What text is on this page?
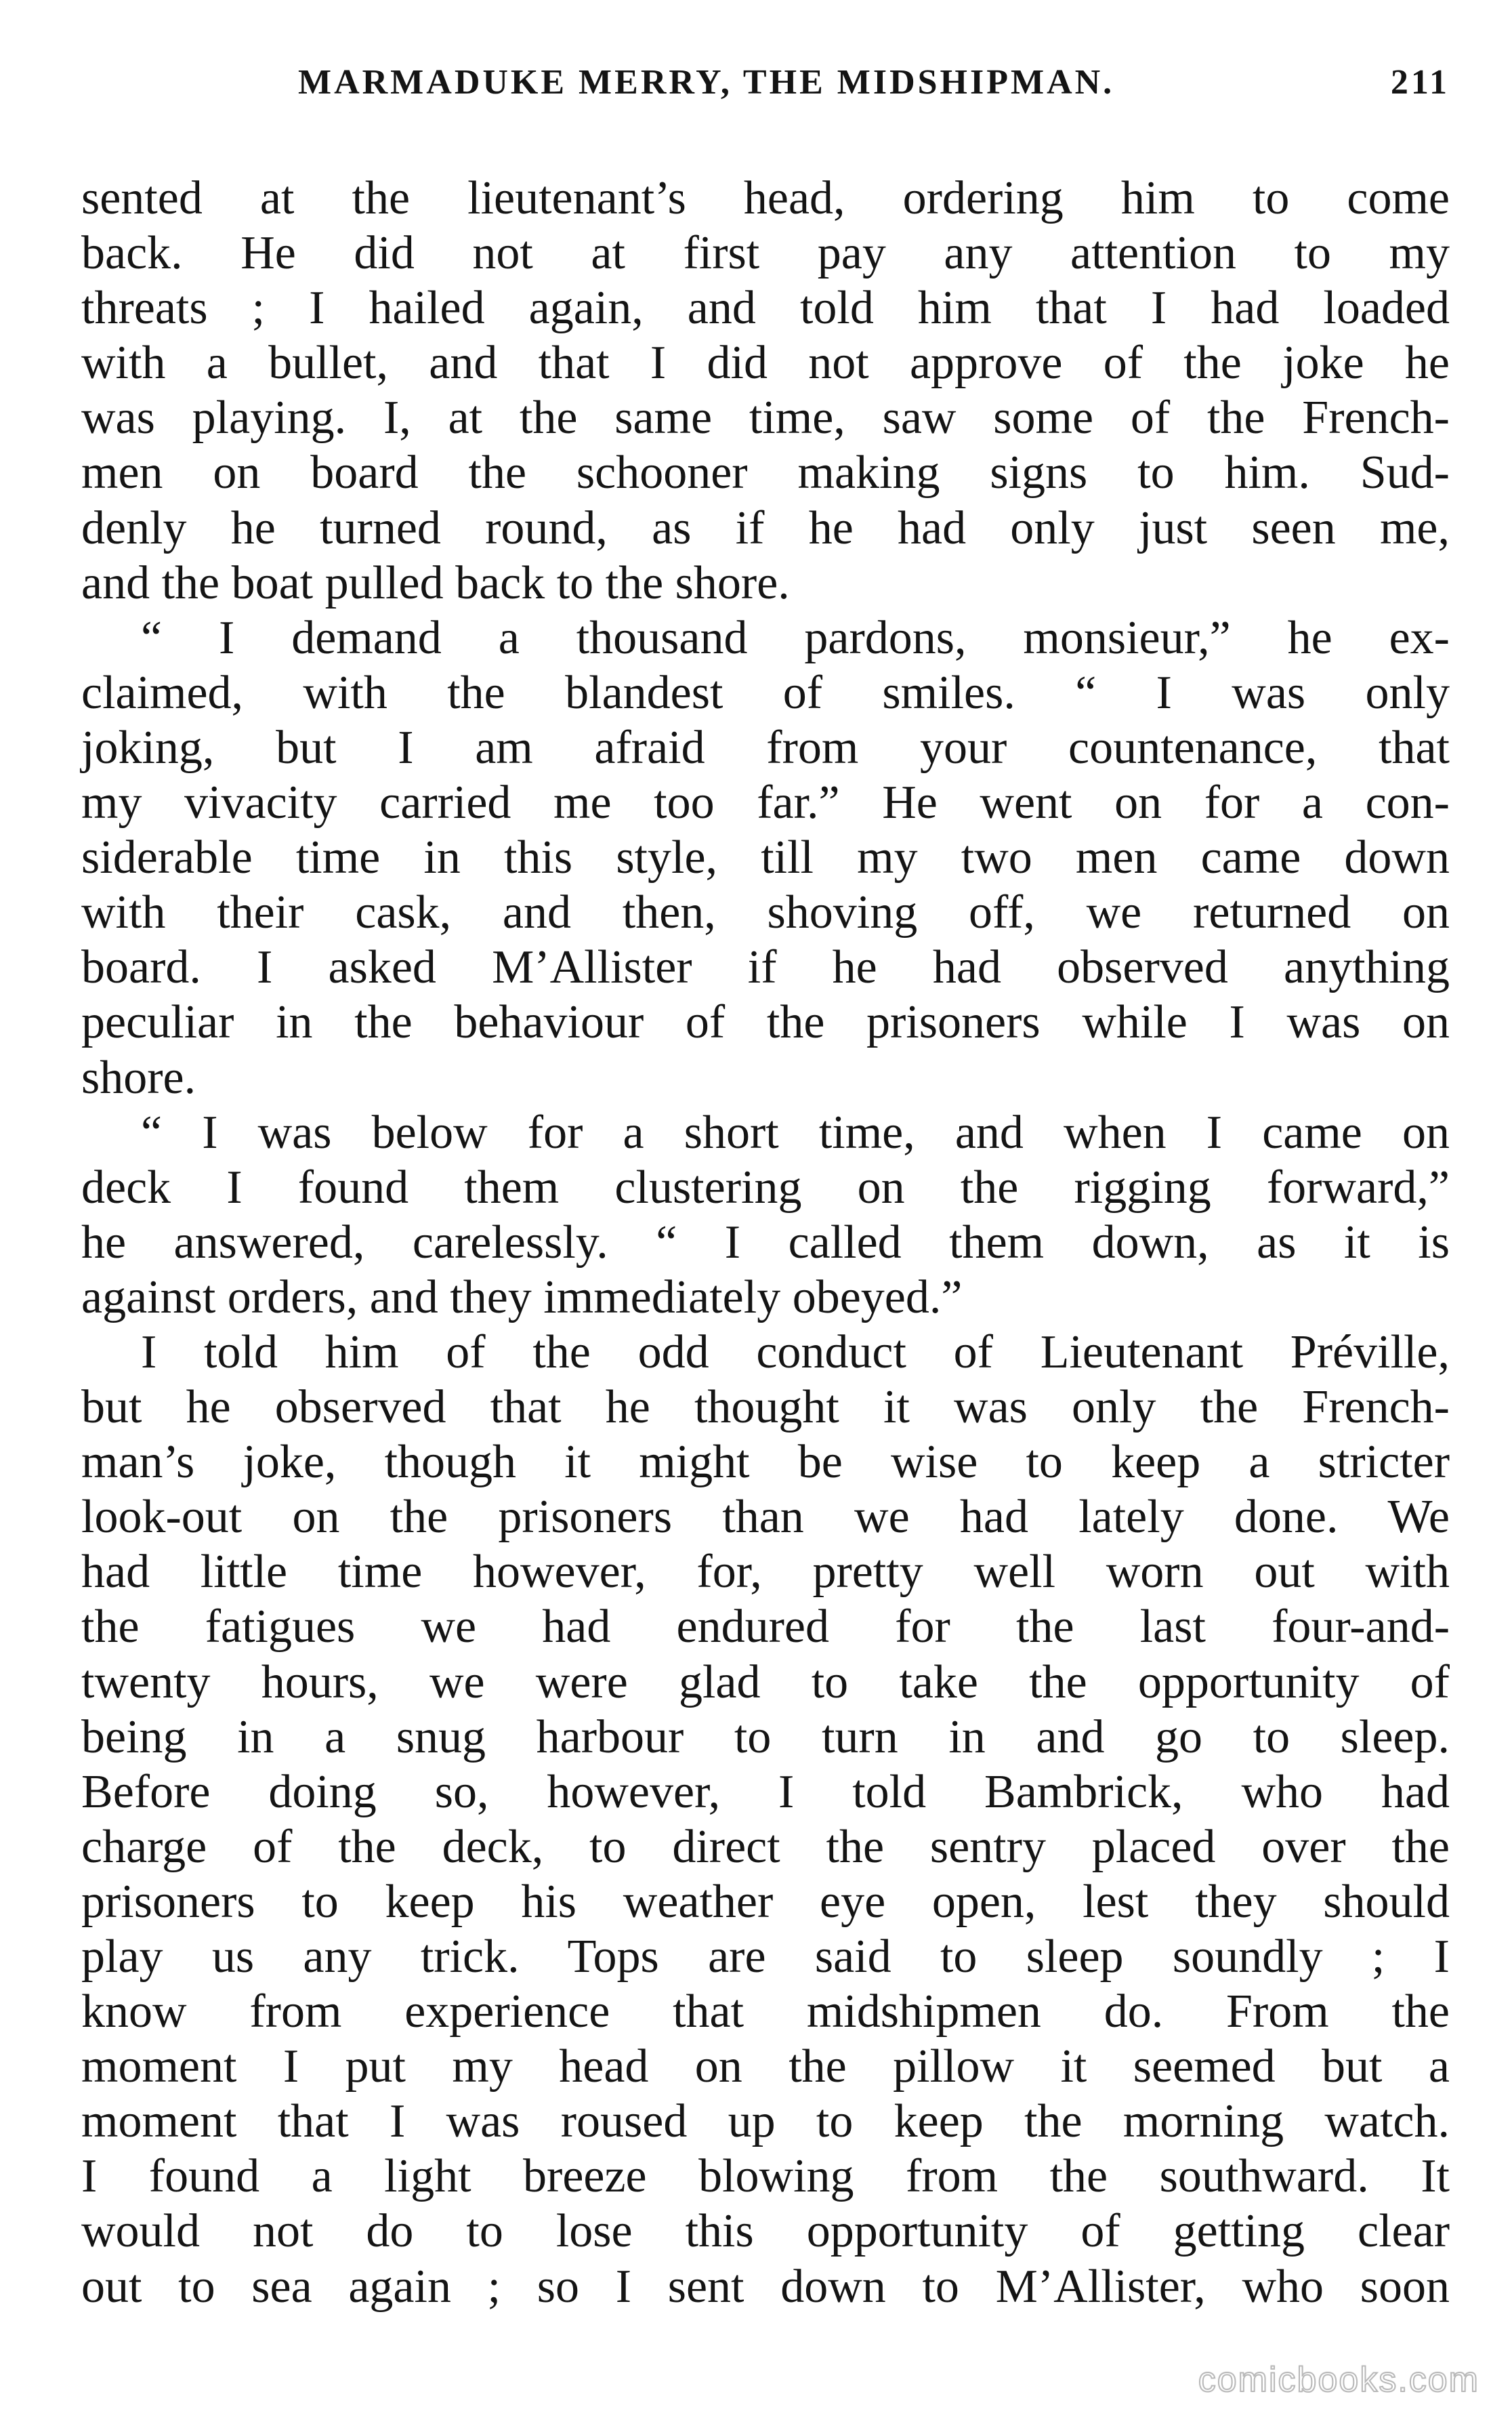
MARMADUKE MERRY, THE MIDSHIPMAN.	211
sented at the lieutenant’s head, ordering him to come
back. He did not at first pay any attention to my
threats ; I hailed again, and told him that I had loaded
with a bullet, and that I did not approve of the joke he
was playing. I, at the same time, saw some of the French-
men on board the schooner making signs to him. Sud-
denly he turned round, as if he had only just seen me,
and the boat pulled back to the shore.
“ I demand a thousand pardons, monsieur,” he ex-
claimed, with the blandest of smiles. “ I was only
joking, but I am afraid from your countenance, that
my vivacity carried me too far.” He went on for a con-
siderable time in this style, till my two men came down
with their cask, and then, shoving off, we returned on
board. I asked M’Allister if he had observed anything
peculiar in the behaviour of the prisoners while I was on
shore.
“ I was below for a short time, and when I came on
deck I found them clustering on the rigging forward,”
he answered, carelessly. “ I called them down, as it is
against orders, and they immediately obeyed.”
I told him of the odd conduct of Lieutenant Préville,
but he observed that he thought it was only the French-
man’s joke, though it might be wise to keep a stricter
look-out on the prisoners than we had lately done. We
had little time however, for, pretty well worn out with
the fatigues we had endured for the last four-and-
twenty hours, we were glad to take the opportunity of
being in a snug harbour to turn in and go to sleep.
Before doing so, however, I told Bambrick, who had
charge of the deck, to direct the sentry placed over the
prisoners to keep his weather eye open, lest they should
play us any trick. Tops are said to sleep soundly ; I
know from experience that midshipmen do. From the
moment I put my head on the pillow it seemed but a
moment that I was roused up to keep the morning watch.
I found a light breeze blowing from the southward. It
would not do to lose this opportunity of getting clear
out to sea again ; so I sent down to M’Allister, who soon
comicbooks.com
